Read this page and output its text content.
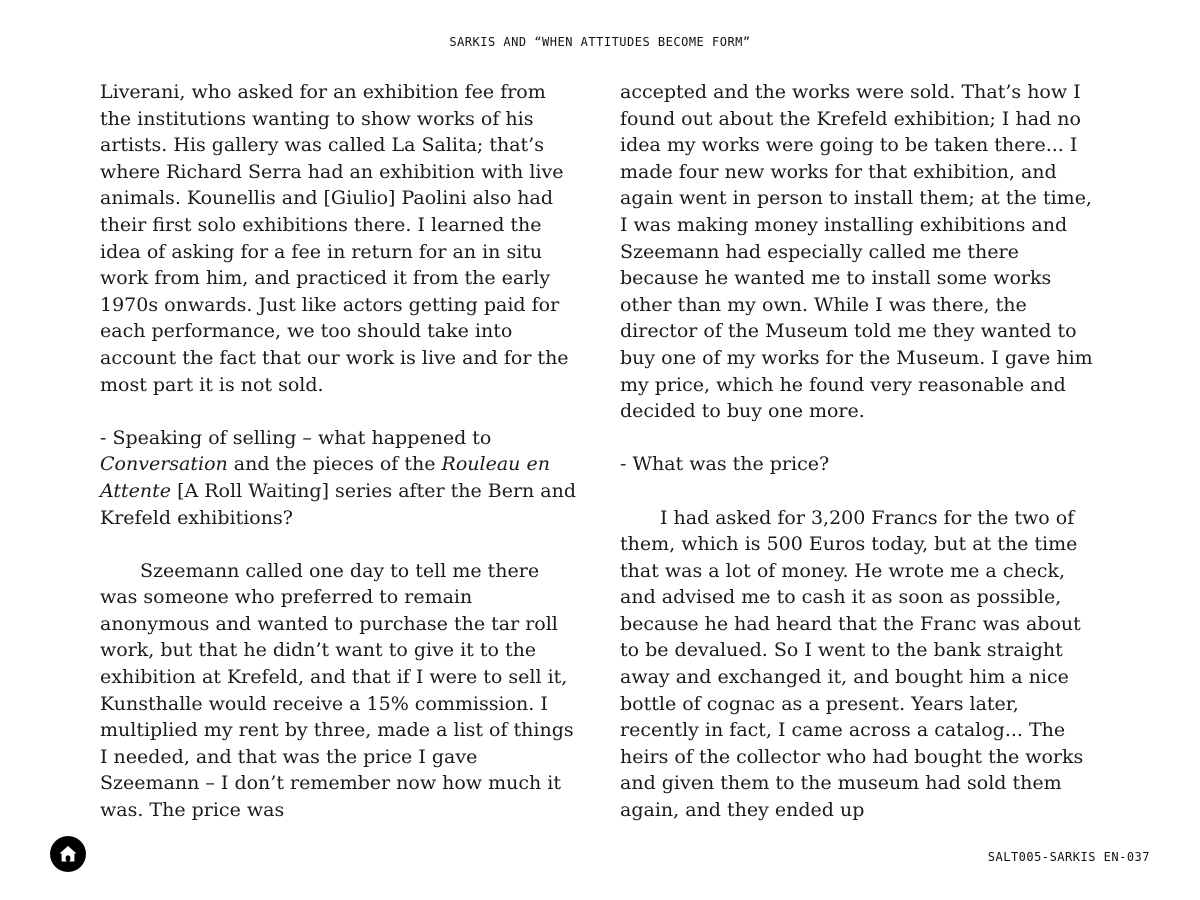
SARKIS AND “WHEN ATTITUDES BECOME FORM”

Liverani, who asked for an exhibition fee from the institutions wanting to show works of his artists. His gallery was called La Salita; that’s where Richard Serra had an exhibition with live animals. Kounellis and [Giulio] Paolini also had their first solo exhibitions there. I learned the idea of asking for a fee in return for an in situ work from him, and practiced it from the early 1970s onwards. Just like actors getting paid for each performance, we too should take into account the fact that our work is live and for the most part it is not sold.

- Speaking of selling – what happened to Conversation and the pieces of the Rouleau en Attente [A Roll Waiting] series after the Bern and Krefeld exhibitions?

Szeemann called one day to tell me there was someone who preferred to remain anonymous and wanted to purchase the tar roll work, but that he didn’t want to give it to the exhibition at Krefeld, and that if I were to sell it, Kunsthalle would receive a 15% commission. I multiplied my rent by three, made a list of things I needed, and that was the price I gave Szeemann – I don’t remember now how much it was. The price was

accepted and the works were sold. That’s how I found out about the Krefeld exhibition; I had no idea my works were going to be taken there... I made four new works for that exhibition, and again went in person to install them; at the time, I was making money installing exhibitions and Szeemann had especially called me there because he wanted me to install some works other than my own. While I was there, the director of the Museum told me they wanted to buy one of my works for the Museum. I gave him my price, which he found very reasonable and decided to buy one more.

- What was the price?

I had asked for 3,200 Francs for the two of them, which is 500 Euros today, but at the time that was a lot of money. He wrote me a check, and advised me to cash it as soon as possible, because he had heard that the Franc was about to be devalued. So I went to the bank straight away and exchanged it, and bought him a nice bottle of cognac as a present. Years later, recently in fact, I came across a catalog... The heirs of the collector who had bought the works and given them to the museum had sold them again, and they ended up

SALT005-SARKIS EN-037
